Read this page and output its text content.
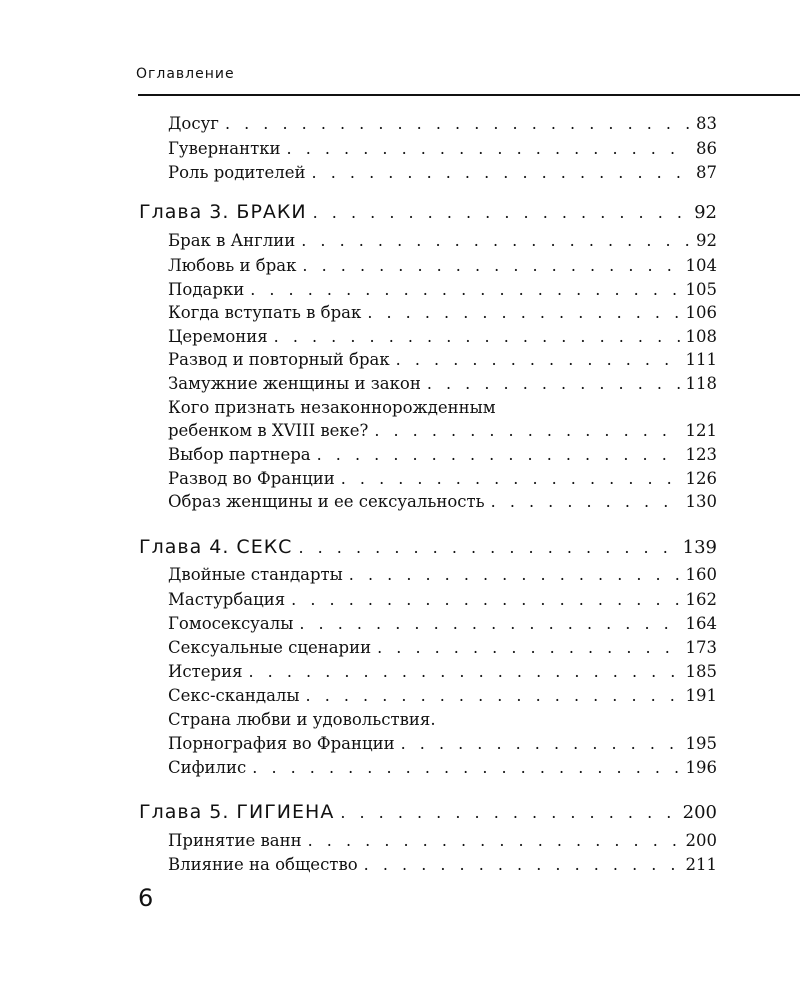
Оглавление
Досуг . . .	83
Гувернантки . . .	86
Роль родителей . . .	87
Глава 3. БРАКИ . . .	92
Брак в Англии . . .	92
Любовь и брак . . .	104
Подарки . . .	105
Когда вступать в брак . . .	106
Церемония . . .	108
Развод и повторный брак . . .	111
Замужние женщины и закон . . .	118
Кого признать незаконнорожденным
ребенком в XVIII веке? . . .	121
Выбор партнера . . .	123
Развод во Франции . . .	126
Образ женщины и ее сексуальность . . .	130
Глава 4. СЕКС . . .	139
Двойные стандарты . . .	160
Мастурбация . . .	162
Гомосексуалы . . .	164
Сексуальные сценарии . . .	173
Истерия . . .	185
Секс-скандалы . . .	191
Страна любви и удовольствия.
Порнография во Франции . . .	195
Сифилис . . .	196
Глава 5. ГИГИЕНА . . .	200
Принятие ванн . . .	200
Влияние на общество . . .	211
6
